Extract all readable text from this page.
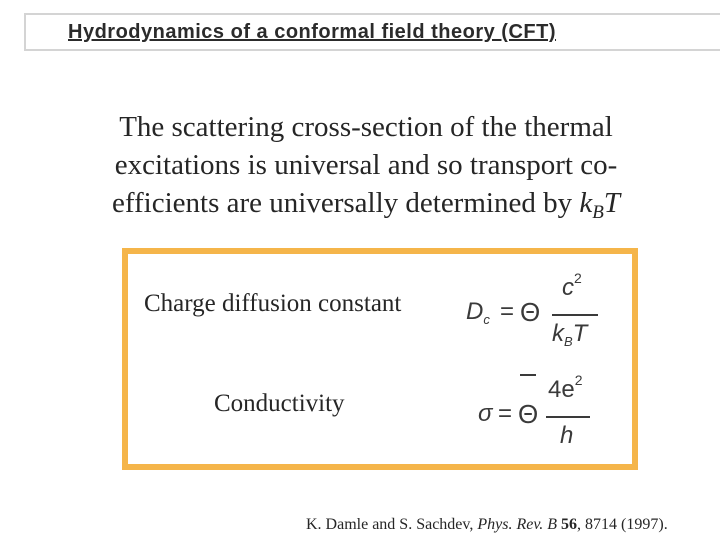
Hydrodynamics of a conformal field theory (CFT)
The scattering cross-section of the thermal
excitations is universal and so transport co-
efficients are universally determined by $k_BT$
Charge diffusion constant	$D_c = \Theta$
$c^2$
$k_BT$
Conductivity	σ = Θ
$4e^2$
h
K. Damle and S. Sachdev, Phys. Rev. B 56, 8714 (1997).
